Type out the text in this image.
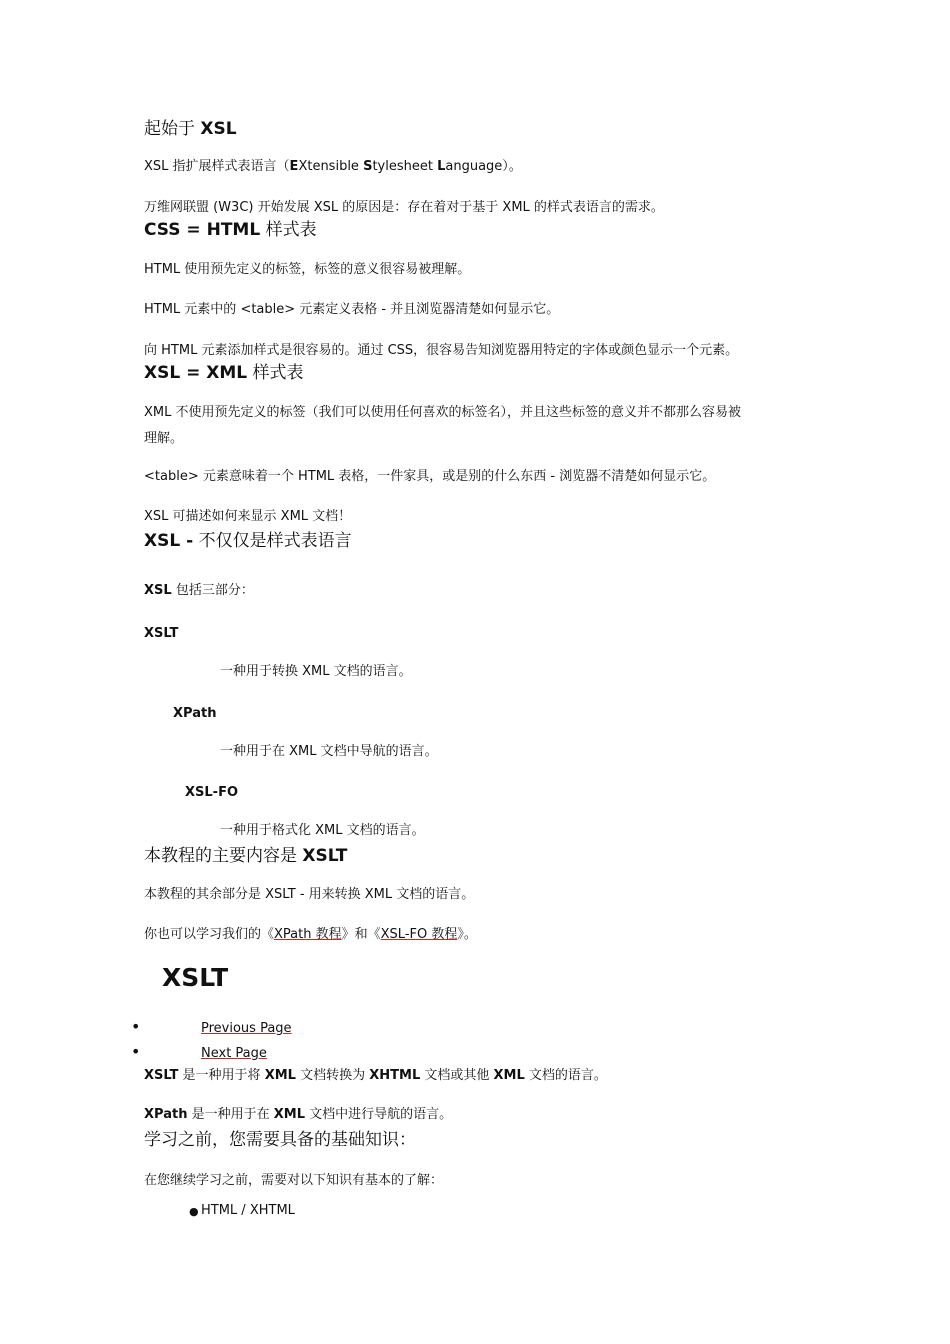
起始于 XSL
XSL 指扩展样式表语言（EXtensible Stylesheet Language）。
万维网联盟 (W3C) 开始发展 XSL 的原因是：存在着对于基于 XML 的样式表语言的需求。
CSS = HTML 样式表
HTML 使用预先定义的标签，标签的意义很容易被理解。
HTML 元素中的 <table> 元素定义表格 - 并且浏览器清楚如何显示它。
向 HTML 元素添加样式是很容易的。通过 CSS，很容易告知浏览器用特定的字体或颜色显示一个元素。
XSL = XML 样式表
XML 不使用预先定义的标签（我们可以使用任何喜欢的标签名），并且这些标签的意义并不都那么容易被
理解。
<table> 元素意味着一个 HTML 表格，一件家具，或是别的什么东西 - 浏览器不清楚如何显示它。
XSL 可描述如何来显示 XML 文档！
XSL - 不仅仅是样式表语言
XSL 包括三部分：
XSLT
一种用于转换 XML 文档的语言。
XPath
一种用于在 XML 文档中导航的语言。
XSL-FO
一种用于格式化 XML 文档的语言。
本教程的主要内容是 XSLT
本教程的其余部分是 XSLT - 用来转换 XML 文档的语言。
你也可以学习我们的《XPath 教程》和《XSL-FO 教程》。
XSLT
•	Previous Page
•	Next Page
XSLT 是一种用于将 XML 文档转换为 XHTML 文档或其他 XML 文档的语言。
XPath 是一种用于在 XML 文档中进行导航的语言。
学习之前，您需要具备的基础知识：
在您继续学习之前，需要对以下知识有基本的了解：
● HTML / XHTML
